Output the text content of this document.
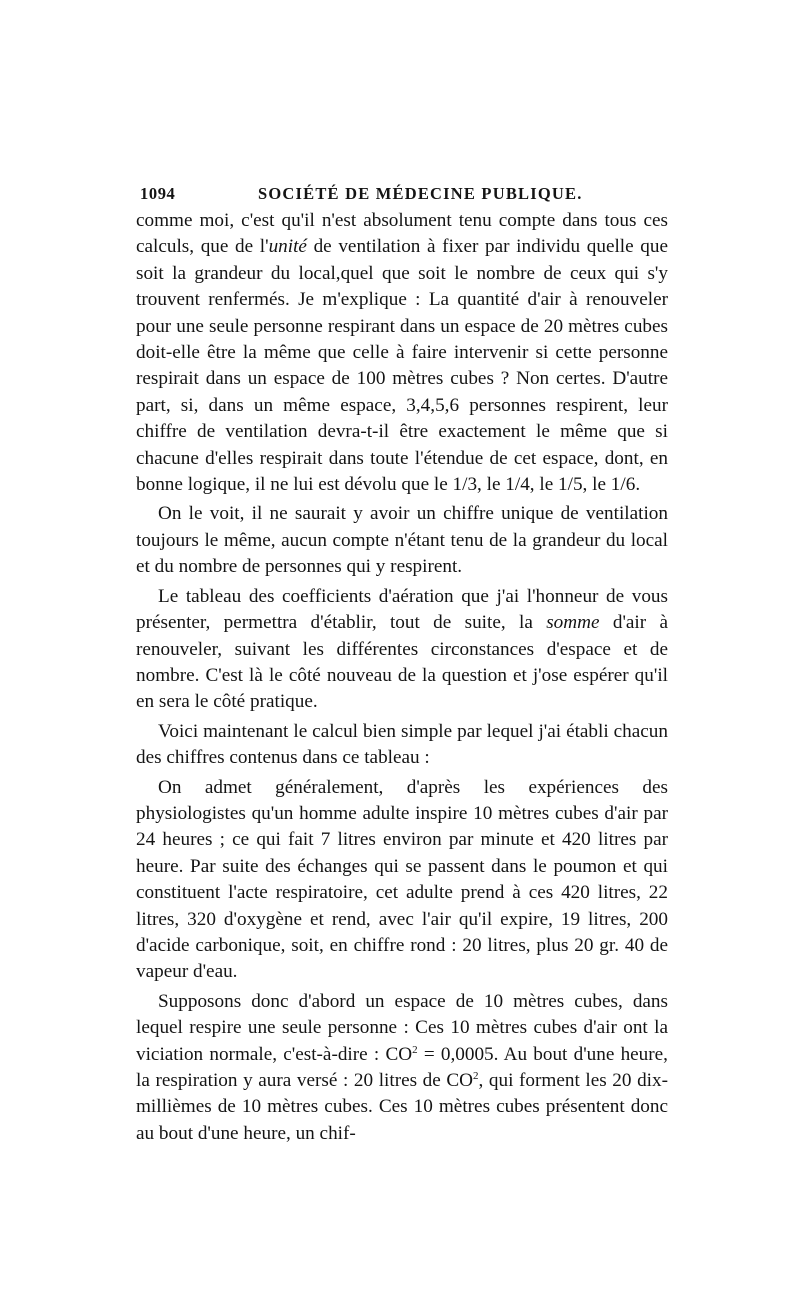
1094	SOCIÉTÉ DE MÉDECINE PUBLIQUE.

comme moi, c'est qu'il n'est absolument tenu compte dans tous ces calculs, que de l'unité de ventilation à fixer par individu quelle que soit la grandeur du local,quel que soit le nombre de ceux qui s'y trouvent renfermés. Je m'explique : La quantité d'air à renouveler pour une seule personne respirant dans un espace de 20 mètres cubes doit-elle être la même que celle à faire intervenir si cette personne respirait dans un espace de 100 mètres cubes ? Non certes. D'autre part, si, dans un même espace, 3,4,5,6 personnes respirent, leur chiffre de ventilation devra-t-il être exactement le même que si chacune d'elles respirait dans toute l'étendue de cet espace, dont, en bonne logique, il ne lui est dévolu que le 1/3, le 1/4, le 1/5, le 1/6.

On le voit, il ne saurait y avoir un chiffre unique de ventilation toujours le même, aucun compte n'étant tenu de la grandeur du local et du nombre de personnes qui y respirent.

Le tableau des coefficients d'aération que j'ai l'honneur de vous présenter, permettra d'établir, tout de suite, la somme d'air à renouveler, suivant les différentes circonstances d'espace et de nombre. C'est là le côté nouveau de la question et j'ose espérer qu'il en sera le côté pratique.

Voici maintenant le calcul bien simple par lequel j'ai établi chacun des chiffres contenus dans ce tableau :

On admet généralement, d'après les expériences des physiologistes qu'un homme adulte inspire 10 mètres cubes d'air par 24 heures ; ce qui fait 7 litres environ par minute et 420 litres par heure. Par suite des échanges qui se passent dans le poumon et qui constituent l'acte respiratoire, cet adulte prend à ces 420 litres, 22 litres, 320 d'oxygène et rend, avec l'air qu'il expire, 19 litres, 200 d'acide carbonique, soit, en chiffre rond : 20 litres, plus 20 gr. 40 de vapeur d'eau.

Supposons donc d'abord un espace de 10 mètres cubes, dans lequel respire une seule personne : Ces 10 mètres cubes d'air ont la viciation normale, c'est-à-dire : $CO^2 = 0,0005$. Au bout d'une heure, la respiration y aura versé : 20 litres de $CO^2$, qui forment les 20 dix-millièmes de 10 mètres cubes. Ces 10 mètres cubes présentent donc au bout d'une heure, un chif-
